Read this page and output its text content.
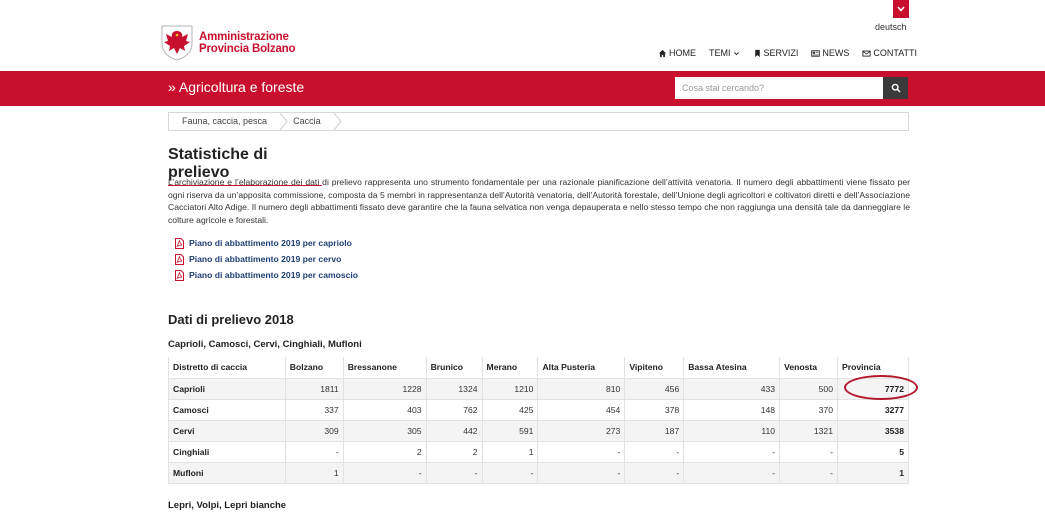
deutsch
Amministrazione
Provincia Bolzano	HOME TEMI	SERVIZI	NEWS	CONTATTI
» Agricoltura e foreste
Cosa stai cercando?
Fauna, caccia, pesca	Caccia
Statistiche di prelievo

L’archiviazione e l’elaborazione dei dati di prelievo rappresenta uno strumento fondamentale per una razionale pianificazione dell’attività venatoria. Il numero degli abbattimenti viene fissato per ogni riserva da un’apposita commissione, composta da 5 membri in rappresentanza dell’Autorità venatoria, dell’Autorità forestale, dell’Unione degli agricoltori e coltivatori diretti e dell’Associazione Cacciatori Alto Adige. Il numero degli abbattimenti fissato deve garantire che la fauna selvatica non venga depauperata e nello stesso tempo che non raggiunga una densità tale da danneggiare le colture agricole e forestali.

Piano di abbattimento 2019 per capriolo
Piano di abbattimento 2019 per cervo
Piano di abbattimento 2019 per camoscio
Dati di prelievo 2018
Caprioli, Camosci, Cervi, Cinghiali, Mufloni
Distretto di caccia	Bolzano	Bressanone	Brunico	Merano	Alta Pusteria	Vipiteno	Bassa Atesina	Venosta	Provincia
Caprioli	1811	1228	1324	1210	810	456	433	500	7772
Camosci	337	403	762	425	454	378	148	370	3277
Cervi	309	305	442	591	273	187	110	1321	3538
Cinghiali	-	2	2	1	-	-	-	-	5
Mufloni	1	-	-	-	-	-	-	-	1
Lepri, Volpi, Lepri bianche
